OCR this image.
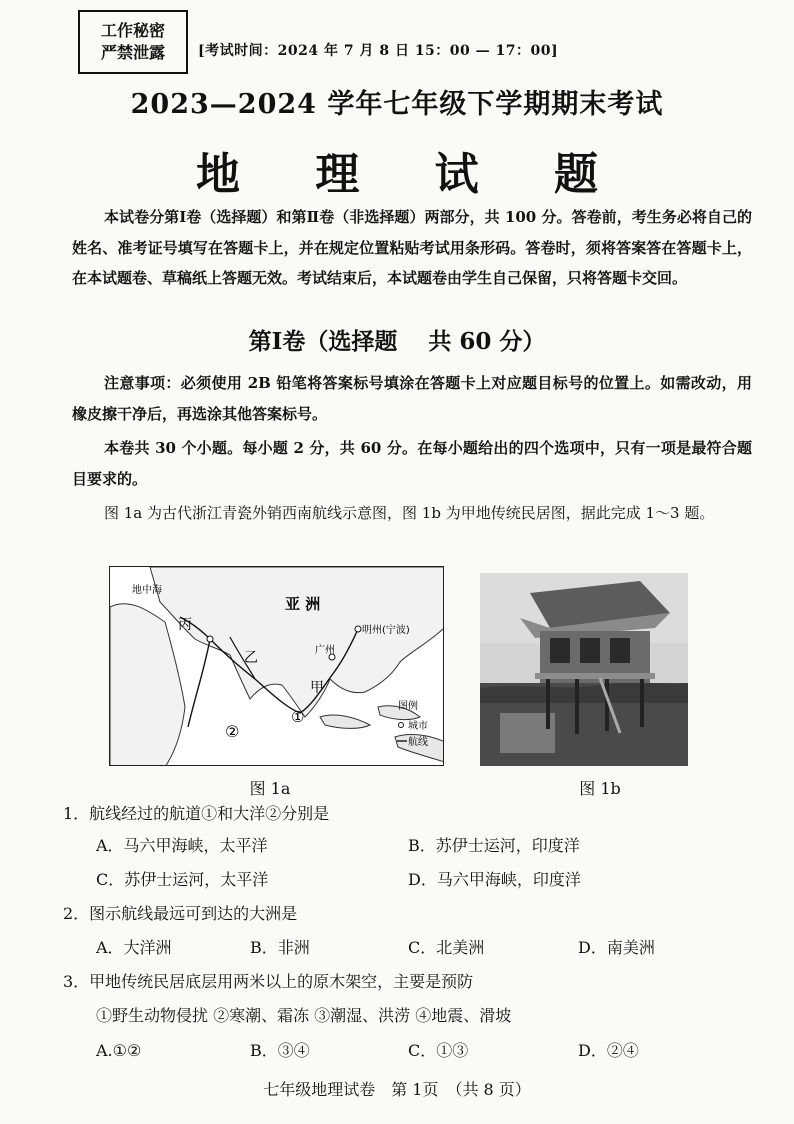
工作秘密
严禁泄露	[考试时间：2024 年 7 月 8 日 15：00 — 17：00]
2023—2024 学年七年级下学期期末考试
地 理 试 题
本试卷分第Ⅰ卷（选择题）和第Ⅱ卷（非选择题）两部分，共 100 分。答卷前，考生务必将自己的姓名、准考证号填写在答题卡上，并在规定位置粘贴考试用条形码。答卷时，须将答案答在答题卡上，在本试题卷、草稿纸上答题无效。考试结束后，本试题卷由学生自己保留，只将答题卡交回。
第Ⅰ卷（选择题　 共 60 分）
注意事项：必须使用 2B 铅笔将答案标号填涂在答题卡上对应题目标号的位置上。如需改动，用橡皮擦干净后，再选涂其他答案标号。
本卷共 30 个小题。每小题 2 分，共 60 分。在每小题给出的四个选项中，只有一项是最符合题目要求的。
图 1a 为古代浙江青瓷外销西南航线示意图，图 1b 为甲地传统民居图，据此完成 1～3 题。
亚 洲
地中海
丙
乙
甲
广州
明州(宁波)
①
②
图例
城市
航线
图 1a	图 1b
1．航线经过的航道①和大洋②分别是
A．马六甲海峡，太平洋	B．苏伊士运河，印度洋
C．苏伊士运河，太平洋	D．马六甲海峡，印度洋
2．图示航线最远可到达的大洲是
A．大洋洲	B．非洲	C．北美洲	D．南美洲
3．甲地传统民居底层用两米以上的原木架空，主要是预防
①野生动物侵扰 ②寒潮、霜冻 ③潮湿、洪涝 ④地震、滑坡
A.①②	B．③④	C．①③	D．②④
七年级地理试卷　第 1页　（共 8 页）
